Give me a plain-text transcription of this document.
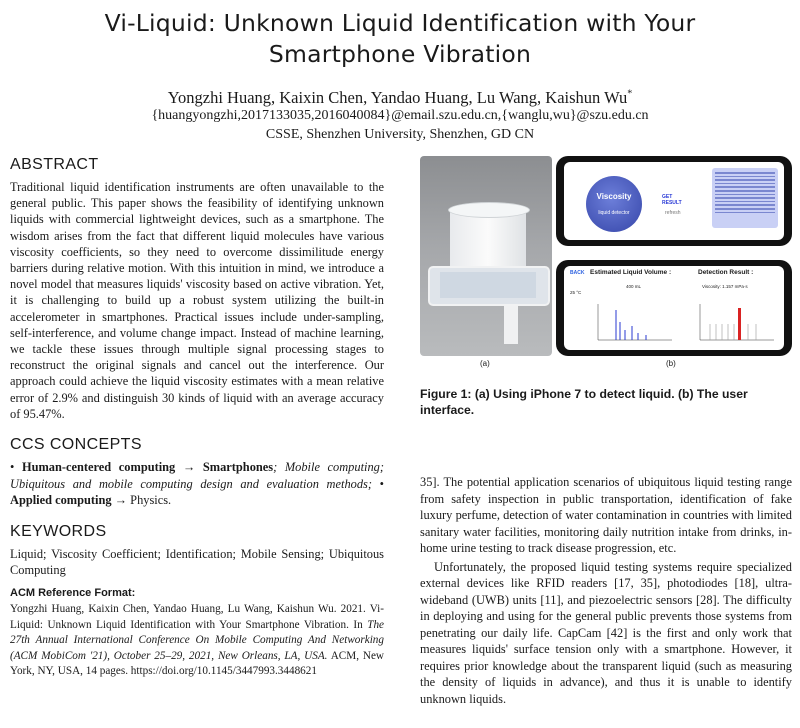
Vi-Liquid: Unknown Liquid Identification with Your
Smartphone Vibration
Yongzhi Huang, Kaixin Chen, Yandao Huang, Lu Wang, Kaishun Wu*
{huangyongzhi,2017133035,2016040084}@email.szu.edu.cn,{wanglu,wu}@szu.edu.cn
CSSE, Shenzhen University, Shenzhen, GD CN
ABSTRACT

Traditional liquid identification instruments are often unavailable to the general public. This paper shows the feasibility of identifying unknown liquids with commercial lightweight devices, such as a smartphone. The wisdom arises from the fact that different liquid molecules have various viscosity coefficients, so they need to overcome dissimilitude energy barriers during relative motion. With this intuition in mind, we introduce a novel model that measures liquids' viscosity based on active vibration. Yet, it is challenging to build up a robust system utilizing the built-in accelerometer in smartphones. Practical issues include under-sampling, self-interference, and volume change impact. Instead of machine learning, we tackle these issues through multiple signal processing stages to reconstruct the original signals and cancel out the interference. Our approach could achieve the liquid viscosity estimates with a mean relative error of 2.9% and distinguish 30 kinds of liquid with an average accuracy of 95.47%.

CCS CONCEPTS

• Human-centered computing → Smartphones; Mobile computing; Ubiquitous and mobile computing design and evaluation methods; • Applied computing → Physics.

KEYWORDS

Liquid; Viscosity Coefficient; Identification; Mobile Sensing; Ubiquitous Computing

ACM Reference Format:

Yongzhi Huang, Kaixin Chen, Yandao Huang, Lu Wang, Kaishun Wu. 2021. Vi-Liquid: Unknown Liquid Identification with Your Smartphone Vibration. In The 27th Annual International Conference On Mobile Computing And Networking (ACM MobiCom '21), October 25–29, 2021, New Orleans, LA, USA. ACM, New York, NY, USA, 14 pages. https://doi.org/10.1145/3447993.3448621

(a)
Viscosity
liquid detector
GET RESULT
refresh
BACK Estimated Liquid Volume :	Detection Result :
25 °C
400 mL	Viscosity: 1.157 mPa·s
(b)

Figure 1: (a) Using iPhone 7 to detect liquid. (b) The user interface.

35]. The potential application scenarios of ubiquitous liquid testing range from safety inspection in public transportation, identification of fake luxury perfume, detection of water contamination in countries with limited sanitary water facilities, monitoring daily nutrition intake from drinks, in-home urine testing to track disease progression, etc.

Unfortunately, the proposed liquid testing systems require specialized external devices like RFID readers [17, 35], photodiodes [18], ultra-wideband (UWB) units [11], and piezoelectric sensors [28]. The difficulty in deploying and using for the general public prevents those systems from penetrating our daily life. CapCam [42] is the first and only work that measures liquids' surface tension only with a smartphone. However, it requires prior knowledge about the transparent liquid (such as measuring the density of liquids in advance), and thus it is unable to identify unknown liquids.
